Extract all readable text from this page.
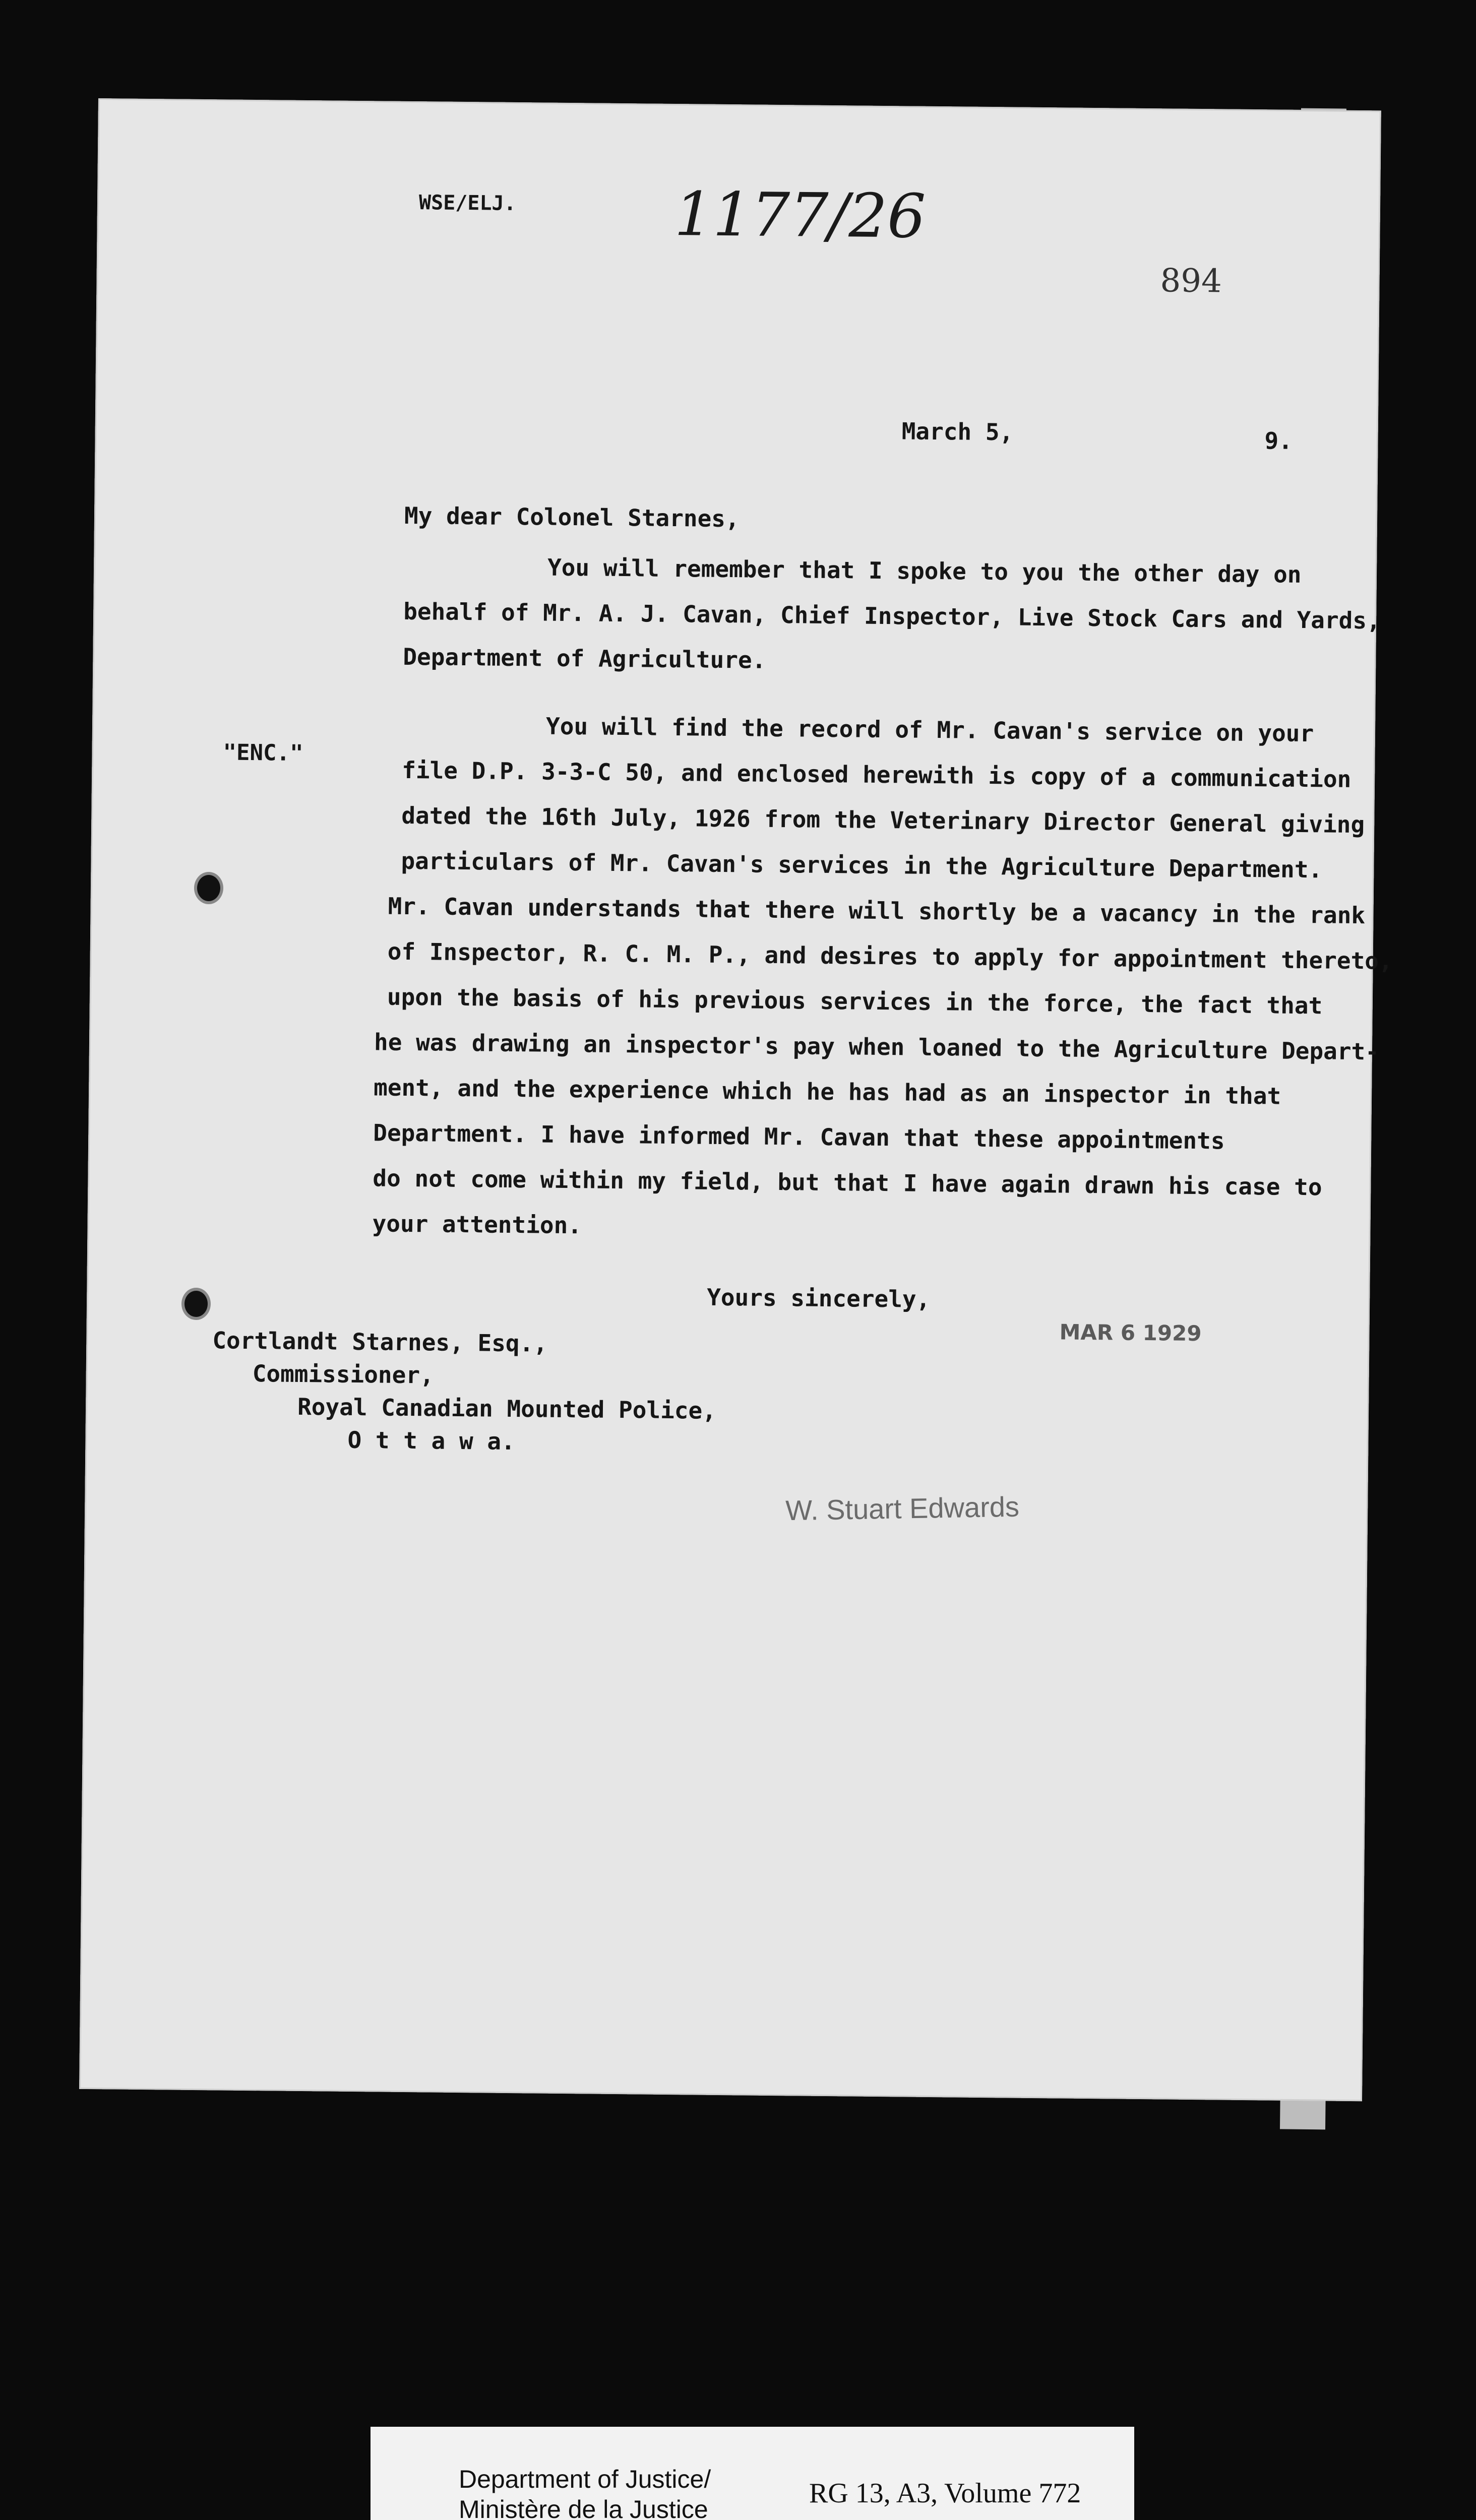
WSE/ELJ.	1177/26
894
March 5,	9.
My dear Colonel Starnes,
You will remember that I spoke to you the other day on
behalf of Mr. A. J. Cavan, Chief Inspector, Live Stock Cars and Yards,
Department of Agriculture.
"ENC."
You will find the record of Mr. Cavan's service on your
file D.P. 3-3-C 50, and enclosed herewith is copy of a communication
dated the 16th July, 1926 from the Veterinary Director General giving
particulars of Mr. Cavan's services in the Agriculture Department.
Mr. Cavan understands that there will shortly be a vacancy in the rank
of Inspector, R. C. M. P., and desires to apply for appointment thereto,
upon the basis of his previous services in the force, the fact that
he was drawing an inspector's pay when loaned to the Agriculture Depart-
ment, and the experience which he has had as an inspector in that
Department. I have informed Mr. Cavan that these appointments
do not come within my field, but that I have again drawn his case to
your attention.
Yours sincerely,
MAR 6 1929
Cortlandt Starnes, Esq.,
Commissioner,
Royal Canadian Mounted Police,
O t t a w a.
W. Stuart Edwards
Department of Justice/
Ministère de la Justice
RG 13, A3, Volume 772
